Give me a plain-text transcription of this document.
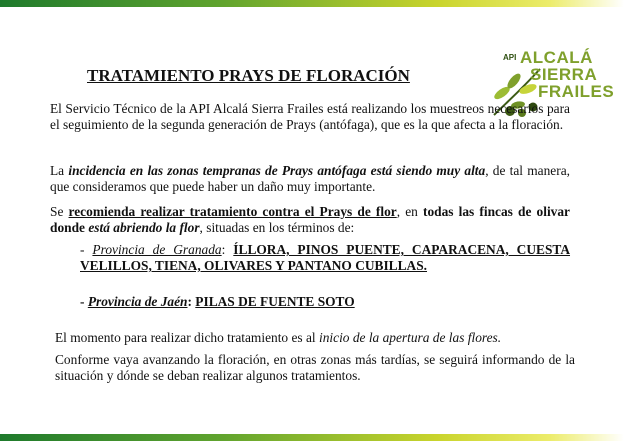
API ALCALÁ
SIERRA
FRAILES
TRATAMIENTO PRAYS DE FLORACIÓN

El Servicio Técnico de la API Alcalá Sierra Frailes está realizando los muestreos necesarios para el seguimiento de la segunda generación de Prays (antófaga), que es la que afecta a la floración.

La incidencia en las zonas tempranas de Prays antófaga está siendo muy alta, de tal manera, que consideramos que puede haber un daño muy importante.

Se recomienda realizar tratamiento contra el Prays de flor, en todas las fincas de olivar donde está abriendo la flor, situadas en los términos de:

- Provincia de Granada: ÍLLORA, PINOS PUENTE, CAPARACENA, CUESTA VELILLOS, TIENA, OLIVARES Y PANTANO CUBILLAS.

- Provincia de Jaén: PILAS DE FUENTE SOTO

El momento para realizar dicho tratamiento es al inicio de la apertura de las flores.

Conforme vaya avanzando la floración, en otras zonas más tardías, se seguirá informando de la situación y dónde se deban realizar algunos tratamientos.
